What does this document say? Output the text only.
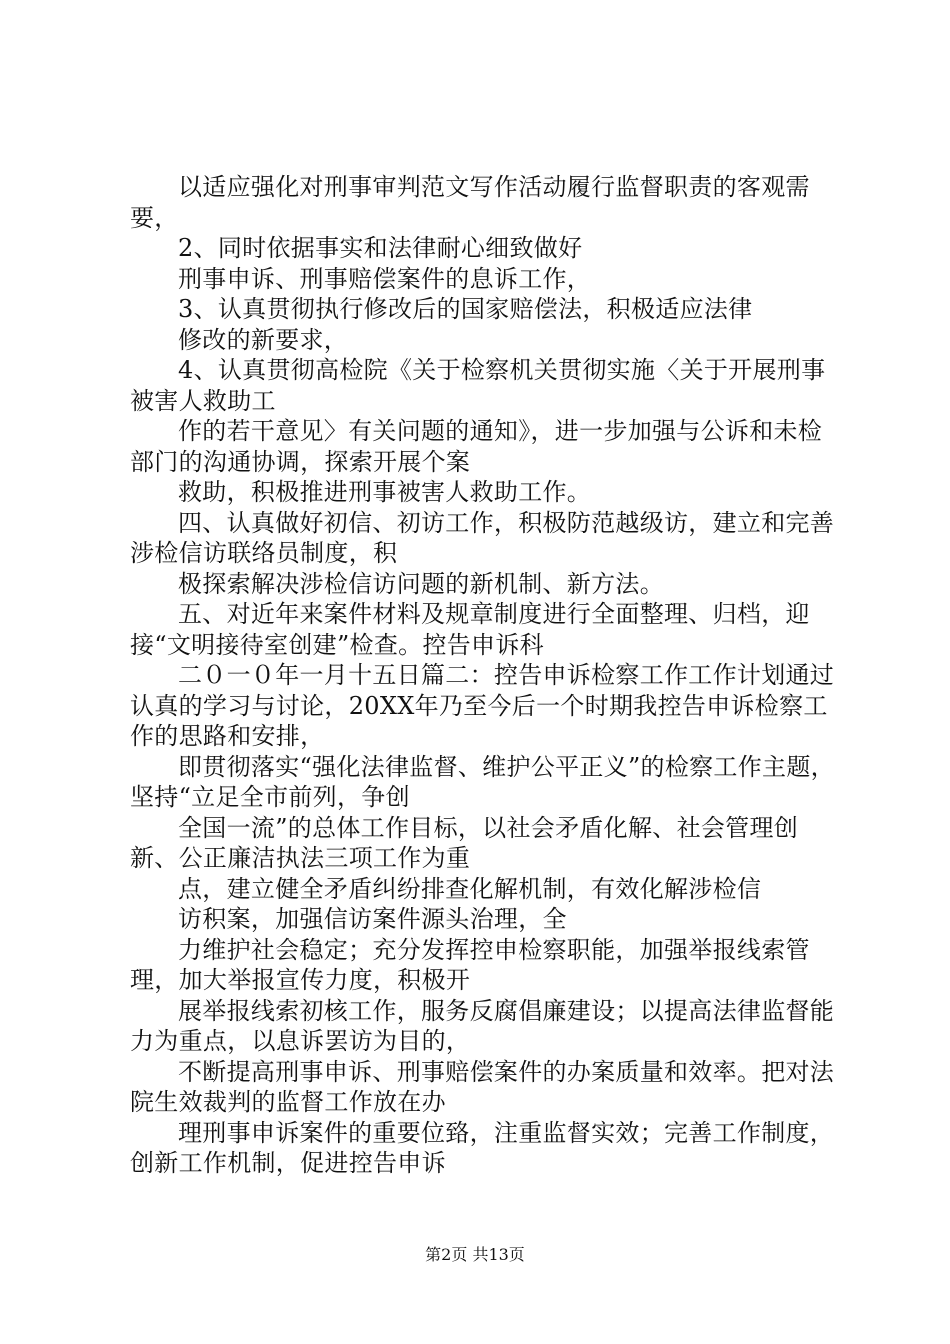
以适应强化对刑事审判范文写作活动履行监督职责的客观需要，

2、同时依据事实和法律耐心细致做好

刑事申诉、刑事赔偿案件的息诉工作，

3、认真贯彻执行修改后的国家赔偿法，积极适应法律

修改的新要求，

4、认真贯彻高检院《关于检察机关贯彻实施〈关于开展刑事被害人救助工

作的若干意见〉有关问题的通知》，进一步加强与公诉和未检部门的沟通协调，探索开展个案

救助，积极推进刑事被害人救助工作。

四、认真做好初信、初访工作，积极防范越级访，建立和完善涉检信访联络员制度，积

极探索解决涉检信访问题的新机制、新方法。

五、对近年来案件材料及规章制度进行全面整理、归档，迎接“文明接待室创建”检查。控告申诉科

二０一０年一月十五日篇二：控告申诉检察工作工作计划通过认真的学习与讨论，20XX年乃至今后一个时期我控告申诉检察工作的思路和安排，

即贯彻落实“强化法律监督、维护公平正义”的检察工作主题，坚持“立足全市前列，争创

全国一流”的总体工作目标，以社会矛盾化解、社会管理创新、公正廉洁执法三项工作为重

点，建立健全矛盾纠纷排查化解机制，有效化解涉检信

访积案，加强信访案件源头治理，全

力维护社会稳定；充分发挥控申检察职能，加强举报线索管理，加大举报宣传力度，积极开

展举报线索初核工作，服务反腐倡廉建设；以提高法律监督能力为重点，以息诉罢访为目的，

不断提高刑事申诉、刑事赔偿案件的办案质量和效率。把对法院生效裁判的监督工作放在办

理刑事申诉案件的重要位臵，注重监督实效；完善工作制度，创新工作机制，促进控告申诉

第2页 共13页
